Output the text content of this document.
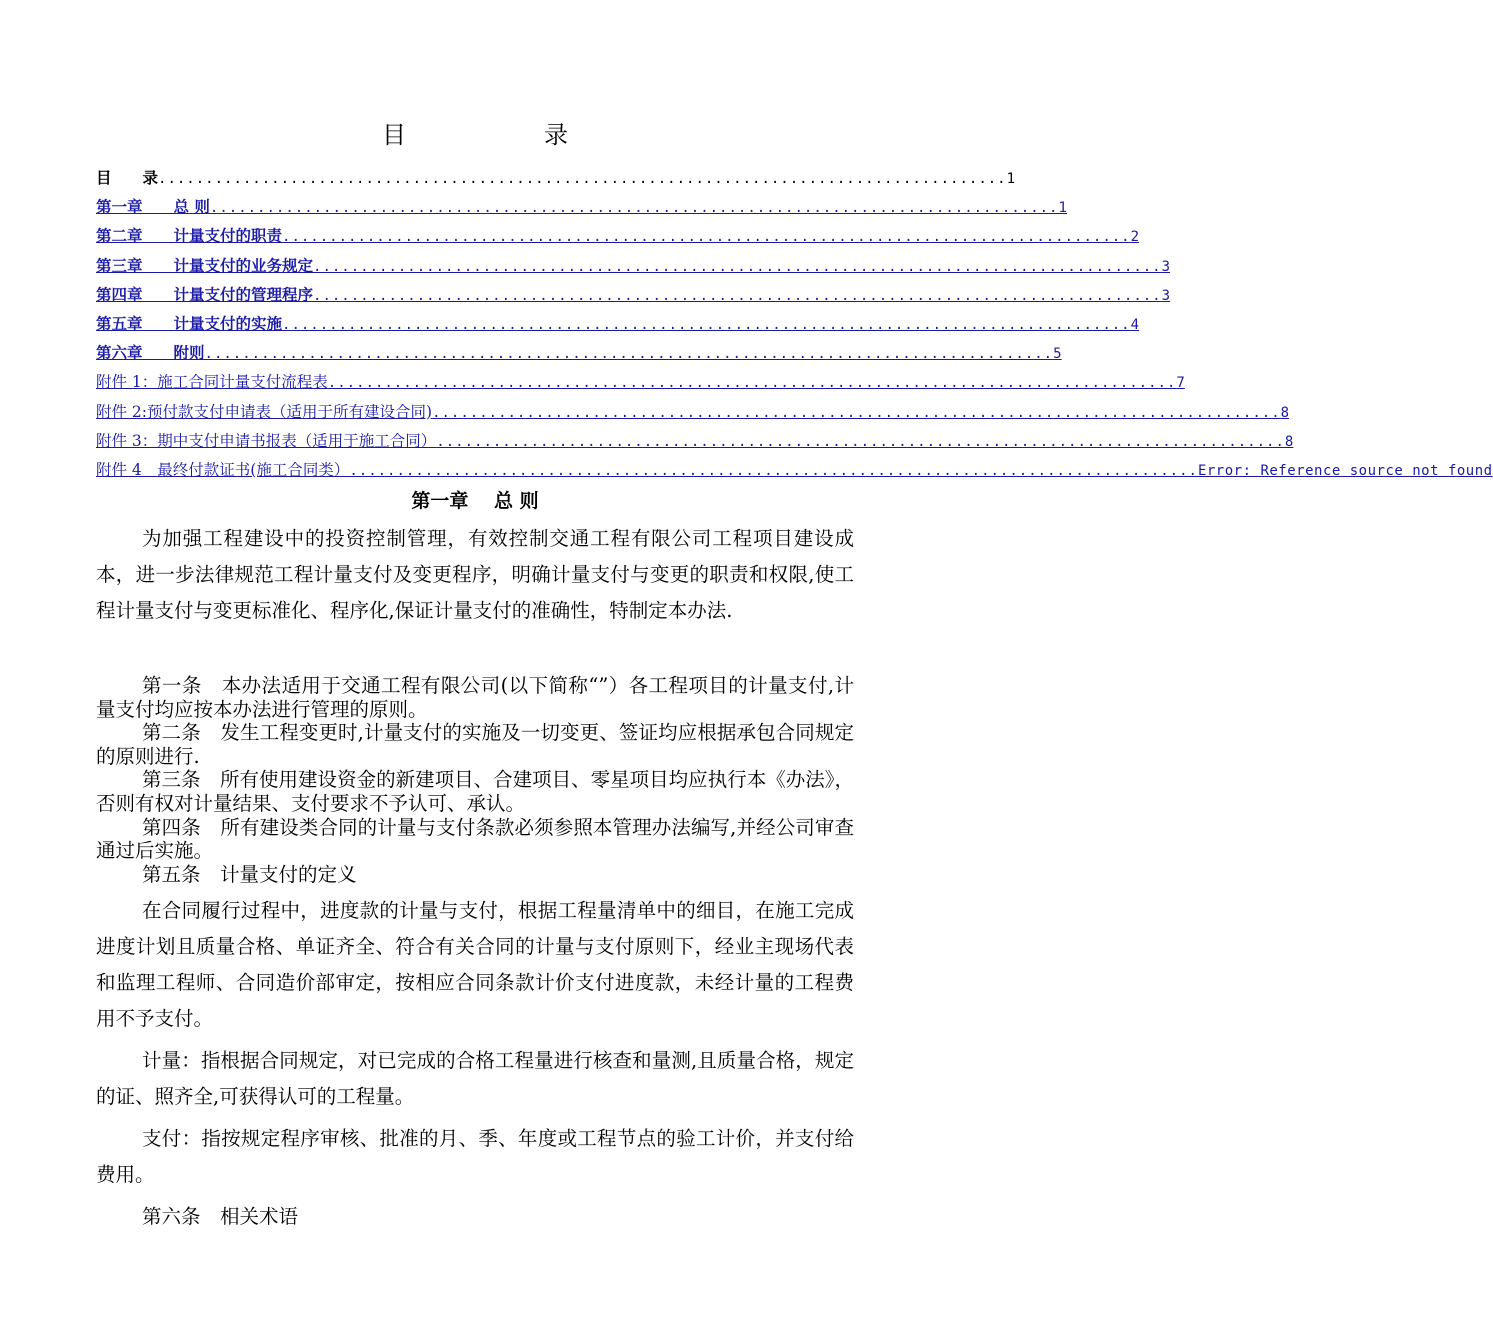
目　　录
目　　录 .......................................................................................... 1
第一章　　总 则 .......................................................................................... 1
第二章　　计量支付的职责 .......................................................................................... 2
第三章　　计量支付的业务规定 .......................................................................................... 3
第四章　　计量支付的管理程序 .......................................................................................... 3
第五章　　计量支付的实施 .......................................................................................... 4
第六章　　附则 .......................................................................................... 5
附件 1：施工合同计量支付流程表 .......................................................................................... 7
附件 2:预付款支付申请表（适用于所有建设合同) .......................................................................................... 8
附件 3：期中支付申请书报表（适用于施工合同） .......................................................................................... 8
附件 4　最终付款证书(施工合同类） .......................................................................................... Error: Reference source not found
第一章　 总 则

为加强工程建设中的投资控制管理，有效控制交通工程有限公司工程项目建设成本，进一步法律规范工程计量支付及变更程序，明确计量支付与变更的职责和权限,使工程计量支付与变更标准化、程序化,保证计量支付的准确性，特制定本办法.

第一条　本办法适用于交通工程有限公司(以下简称“”）各工程项目的计量支付,计量支付均应按本办法进行管理的原则。

第二条　发生工程变更时,计量支付的实施及一切变更、签证均应根据承包合同规定的原则进行.

第三条　所有使用建设资金的新建项目、合建项目、零星项目均应执行本《办法》，否则有权对计量结果、支付要求不予认可、承认。

第四条　所有建设类合同的计量与支付条款必须参照本管理办法编写,并经公司审查通过后实施。

第五条　计量支付的定义

在合同履行过程中，进度款的计量与支付，根据工程量清单中的细目，在施工完成进度计划且质量合格、单证齐全、符合有关合同的计量与支付原则下，经业主现场代表和监理工程师、合同造价部审定，按相应合同条款计价支付进度款，未经计量的工程费用不予支付。

计量：指根据合同规定，对已完成的合格工程量进行核查和量测,且质量合格，规定的证、照齐全,可获得认可的工程量。

支付：指按规定程序审核、批准的月、季、年度或工程节点的验工计价，并支付给费用。

第六条　相关术语
